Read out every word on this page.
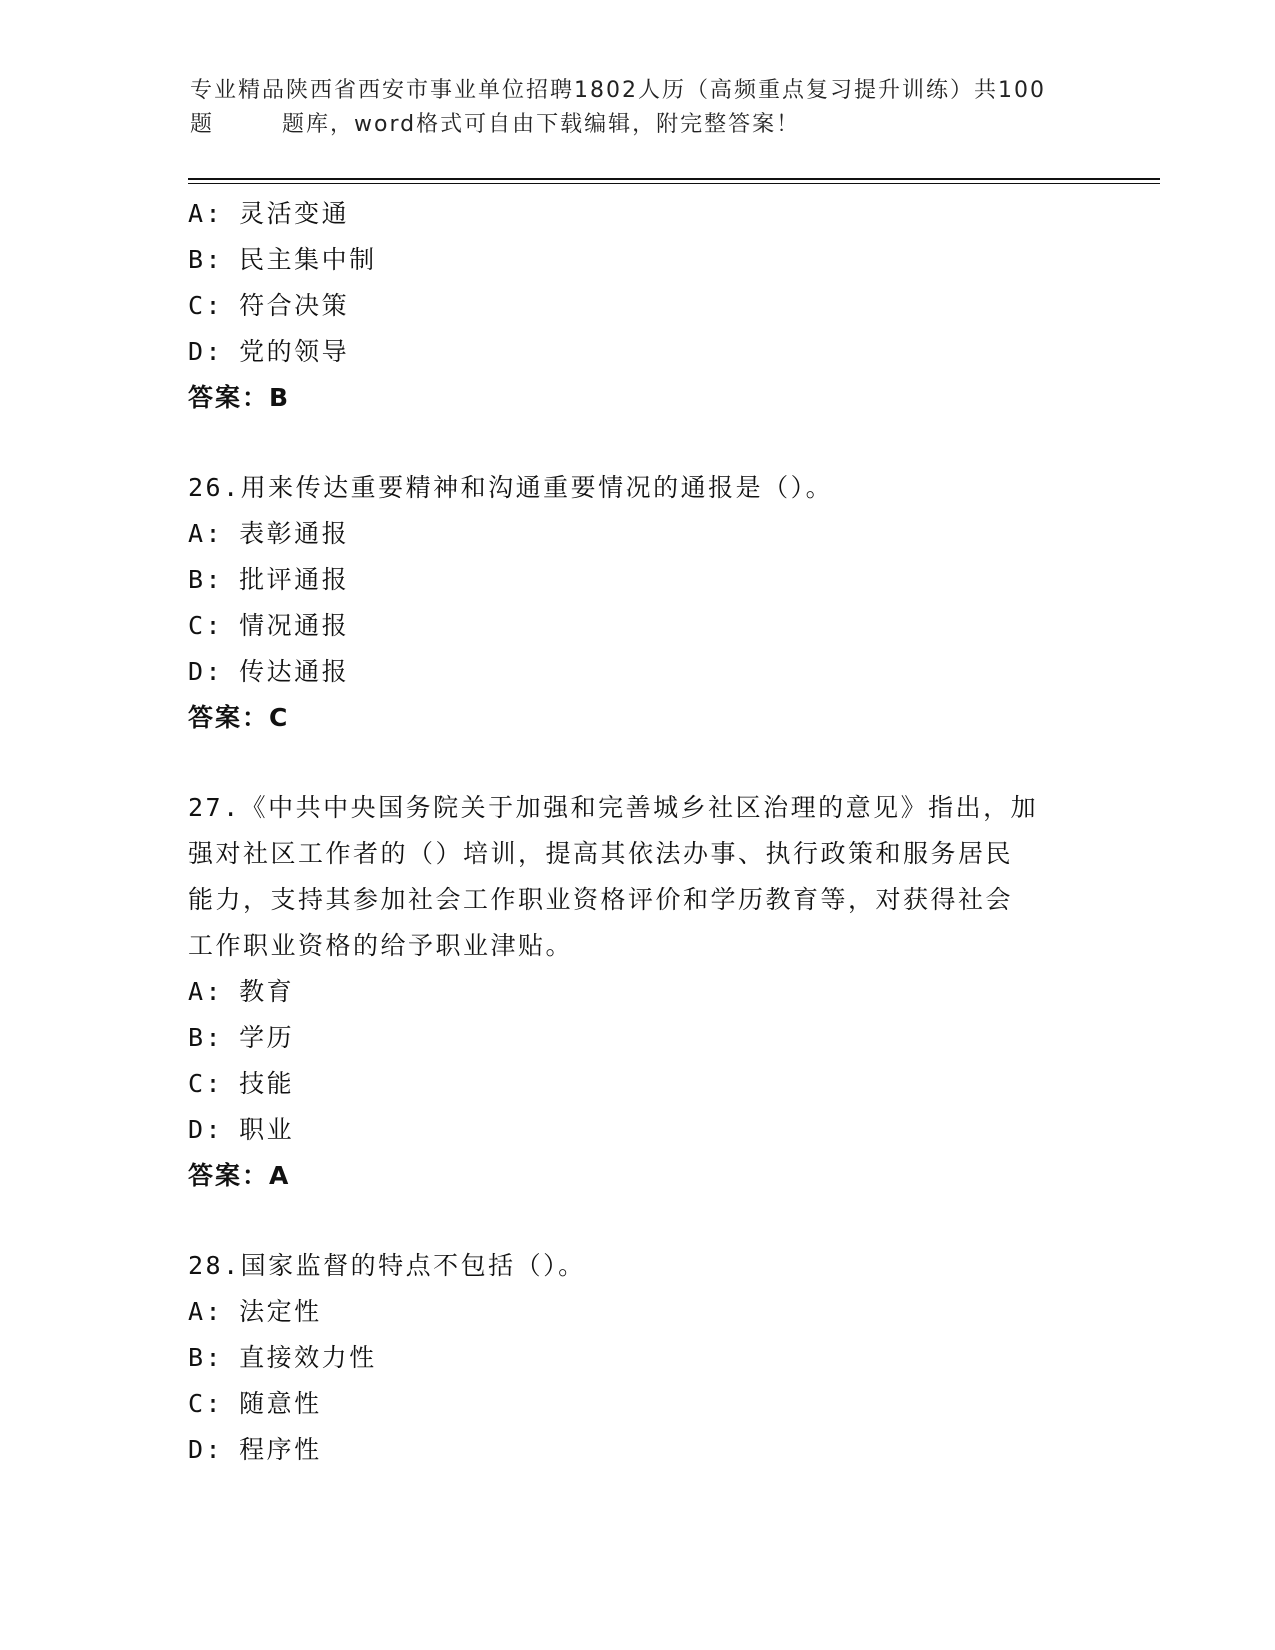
专业精品陕西省西安市事业单位招聘1802人历（高频重点复习提升训练）共100
题	题库，word格式可自由下载编辑，附完整答案！
A: 灵活变通
B: 民主集中制
C: 符合决策
D: 党的领导
答案：B
26.用来传达重要精神和沟通重要情况的通报是（）。
A: 表彰通报
B: 批评通报
C: 情况通报
D: 传达通报
答案：C
27.《中共中央国务院关于加强和完善城乡社区治理的意见》指出，加
强对社区工作者的（）培训，提高其依法办事、执行政策和服务居民
能力，支持其参加社会工作职业资格评价和学历教育等，对获得社会
工作职业资格的给予职业津贴。
A: 教育
B: 学历
C: 技能
D: 职业
答案：A
28.国家监督的特点不包括（）。
A: 法定性
B: 直接效力性
C: 随意性
D: 程序性
